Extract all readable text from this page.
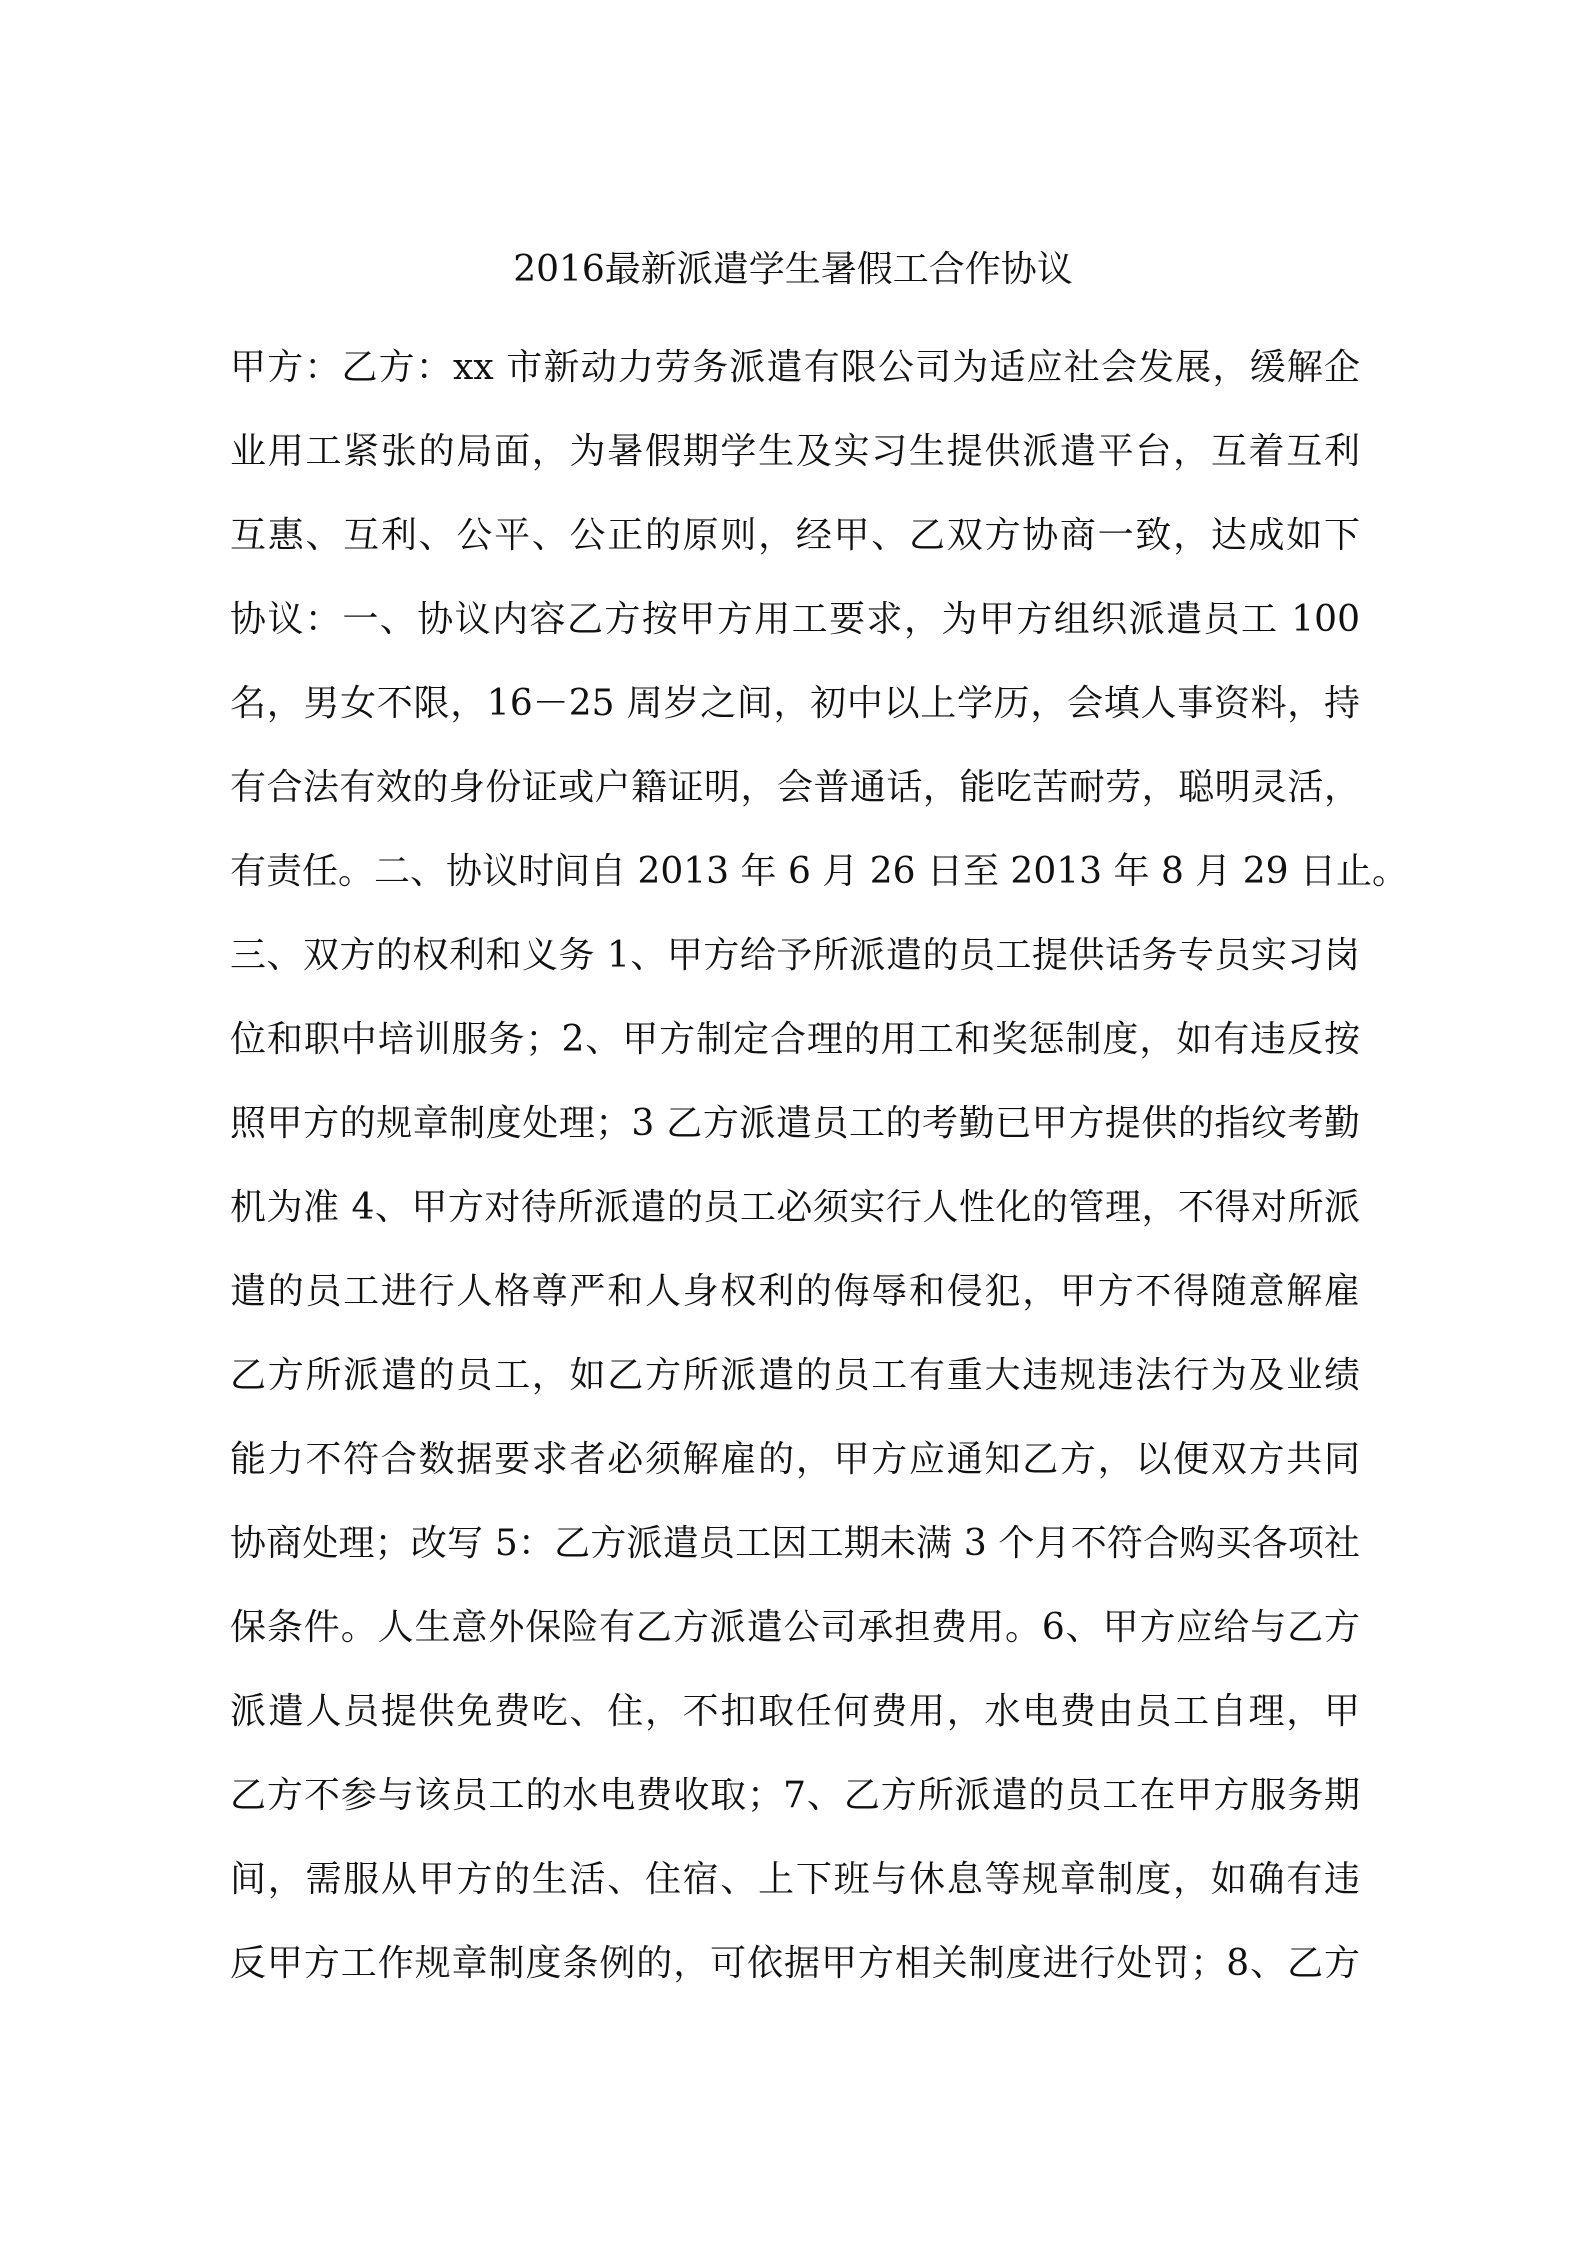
2016最新派遣学生暑假工合作协议
甲方：乙方：xx 市新动力劳务派遣有限公司为适应社会发展，缓解企
业用工紧张的局面，为暑假期学生及实习生提供派遣平台，互着互利
互惠、互利、公平、公正的原则，经甲、乙双方协商一致，达成如下
协议：一、协议内容乙方按甲方用工要求，为甲方组织派遣员工 100
名，男女不限，16－25 周岁之间，初中以上学历，会填人事资料，持
有合法有效的身份证或户籍证明，会普通话，能吃苦耐劳，聪明灵活，
有责任。二、协议时间自 2013 年 6 月 26 日至 2013 年 8 月 29 日止。
三、双方的权利和义务 1、甲方给予所派遣的员工提供话务专员实习岗
位和职中培训服务；2、甲方制定合理的用工和奖惩制度，如有违反按
照甲方的规章制度处理；3 乙方派遣员工的考勤已甲方提供的指纹考勤
机为准 4、甲方对待所派遣的员工必须实行人性化的管理，不得对所派
遣的员工进行人格尊严和人身权利的侮辱和侵犯，甲方不得随意解雇
乙方所派遣的员工，如乙方所派遣的员工有重大违规违法行为及业绩
能力不符合数据要求者必须解雇的，甲方应通知乙方，以便双方共同
协商处理；改写 5：乙方派遣员工因工期未满 3 个月不符合购买各项社
保条件。人生意外保险有乙方派遣公司承担费用。6、甲方应给与乙方
派遣人员提供免费吃、住，不扣取任何费用，水电费由员工自理，甲
乙方不参与该员工的水电费收取；7、乙方所派遣的员工在甲方服务期
间，需服从甲方的生活、住宿、上下班与休息等规章制度，如确有违
反甲方工作规章制度条例的，可依据甲方相关制度进行处罚；8、乙方
